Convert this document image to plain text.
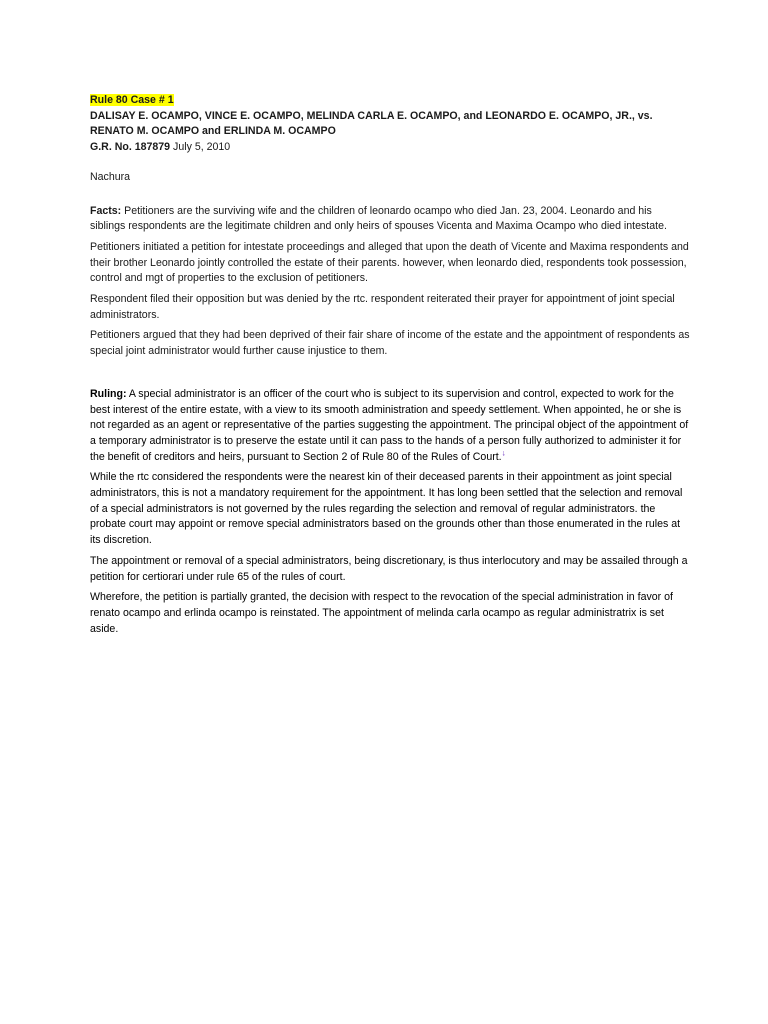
Rule 80 Case # 1

DALISAY E. OCAMPO, VINCE E. OCAMPO, MELINDA CARLA E. OCAMPO, and LEONARDO E. OCAMPO, JR., vs.

RENATO M. OCAMPO and ERLINDA M. OCAMPO

G.R. No. 187879 July 5, 2010

Nachura

Facts: Petitioners are the surviving wife and the children of leonardo ocampo who died Jan. 23, 2004. Leonardo and his siblings respondents are the legitimate children and only heirs of spouses Vicenta and Maxima Ocampo who died intestate.

Petitioners initiated a petition for intestate proceedings and alleged that upon the death of Vicente and Maxima respondents and their brother Leonardo jointly controlled the estate of their parents. however, when leonardo died, respondents took possession, control and mgt of properties to the exclusion of petitioners.

Respondent filed their opposition but was denied by the rtc. respondent reiterated their prayer for appointment of joint special administrators.

Petitioners argued that they had been deprived of their fair share of income of the estate and the appointment of respondents as special joint administrator would further cause injustice to them.

Ruling: A special administrator is an officer of the court who is subject to its supervision and control, expected to work for the best interest of the entire estate, with a view to its smooth administration and speedy settlement. When appointed, he or she is not regarded as an agent or representative of the parties suggesting the appointment. The principal object of the appointment of a temporary administrator is to preserve the estate until it can pass to the hands of a person fully authorized to administer it for the benefit of creditors and heirs, pursuant to Section 2 of Rule 80 of the Rules of Court.↓

While the rtc considered the respondents were the nearest kin of their deceased parents in their appointment as joint special administrators, this is not a mandatory requirement for the appointment. It has long been settled that the selection and removal of a special administrators is not governed by the rules regarding the selection and removal of regular administrators. the probate court may appoint or remove special administrators based on the grounds other than those enumerated in the rules at its discretion.

The appointment or removal of a special administrators, being discretionary, is thus interlocutory and may be assailed through a petition for certiorari under rule 65 of the rules of court.

Wherefore, the petition is partially granted, the decision with respect to the revocation of the special administration in favor of renato ocampo and erlinda ocampo is reinstated. The appointment of melinda carla ocampo as regular administratrix is set aside.
